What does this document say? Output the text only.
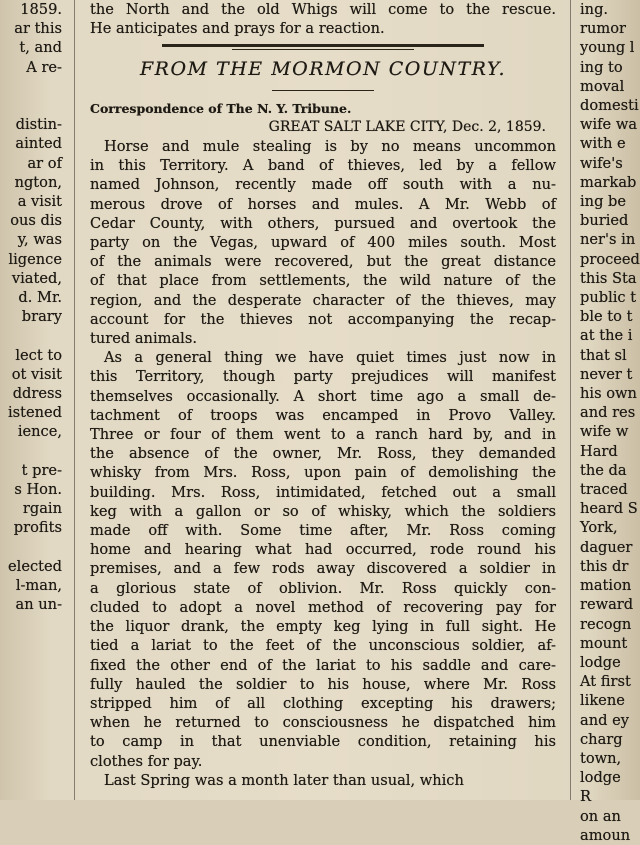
1859.
ar this
t, and
A re-

distin-
ainted
ar of
ngton,
a visit
ous dis
y, was
ligence
viated,
d. Mr.
brary

lect to
ot visit
ddress
istened
ience,

t pre-
s Hon.
rgain
profits

elected
l-man,
an un-
the North and the old Whigs will come to the rescue.
He anticipates and prays for a reaction.
FROM THE MORMON COUNTRY.
Correspondence of The N. Y. Tribune.
GREAT SALT LAKE CITY, Dec. 2, 1859.
Horse and mule stealing is by no means uncommon
in this Territory. A band of thieves, led by a fellow
named Johnson, recently made off south with a nu-
merous drove of horses and mules. A Mr. Webb of
Cedar County, with others, pursued and overtook the
party on the Vegas, upward of 400 miles south. Most
of the animals were recovered, but the great distance
of that place from settlements, the wild nature of the
region, and the desperate character of the thieves, may
account for the thieves not accompanying the recap-
tured animals.
As a general thing we have quiet times just now in
this Territory, though party prejudices will manifest
themselves occasionally. A short time ago a small de-
tachment of troops was encamped in Provo Valley.
Three or four of them went to a ranch hard by, and in
the absence of the owner, Mr. Ross, they demanded
whisky from Mrs. Ross, upon pain of demolishing the
building. Mrs. Ross, intimidated, fetched out a small
keg with a gallon or so of whisky, which the soldiers
made off with. Some time after, Mr. Ross coming
home and hearing what had occurred, rode round his
premises, and a few rods away discovered a soldier in
a glorious state of oblivion. Mr. Ross quickly con-
cluded to adopt a novel method of recovering pay for
the liquor drank, the empty keg lying in full sight. He
tied a lariat to the feet of the unconscious soldier, af-
fixed the other end of the lariat to his saddle and care-
fully hauled the soldier to his house, where Mr. Ross
stripped him of all clothing excepting his drawers;
when he returned to consciousness he dispatched him
to camp in that unenviable condition, retaining his
clothes for pay.
Last Spring was a month later than usual, which
ing.
rumor
young l
ing to
moval
domesti
wife wa
with e
wife's
markab
ing be
buried
ner's in
proceed
this Sta
public t
ble to t
at the i
that sl
never t
his own
and res
wife w
Hard
the da
traced
heard S
York,
daguer
this dr
mation
reward
recogn
mount
lodge
At first
likene
and ey
charg
town,
lodge
R
on an
amoun
